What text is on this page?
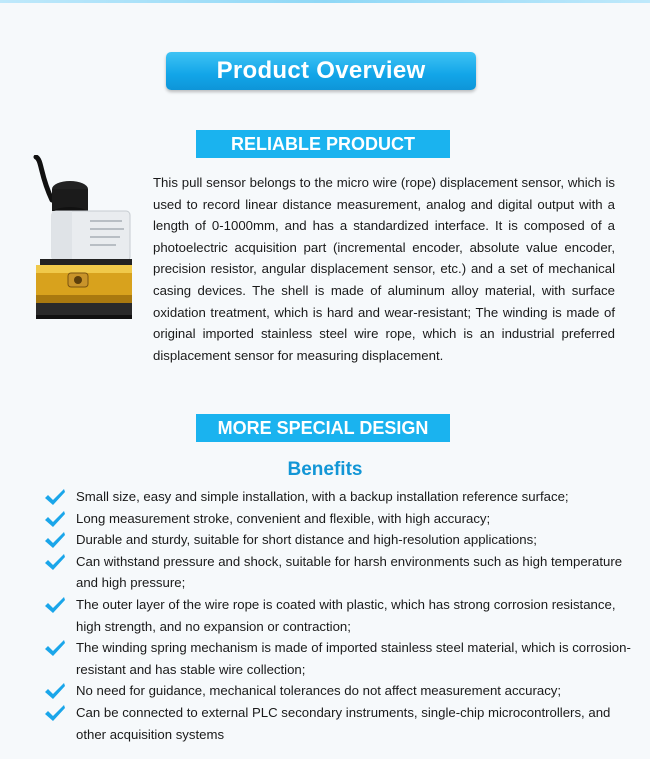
Product Overview
RELIABLE PRODUCT

This pull sensor belongs to the micro wire (rope) displacement sensor, which is used to record linear distance measurement, analog and digital output with a length of 0-1000mm, and has a standardized interface. It is composed of a photoelectric acquisition part (incremental encoder, absolute value encoder, precision resistor, angular displacement sensor, etc.) and a set of mechanical casing devices. The shell is made of aluminum alloy material, with surface oxidation treatment, which is hard and wear-resistant; The winding is made of original imported stainless steel wire rope, which is an industrial preferred displacement sensor for measuring displacement.

MORE SPECIAL DESIGN
Benefits
Small size, easy and simple installation, with a backup installation reference surface;
Long measurement stroke, convenient and flexible, with high accuracy;
Durable and sturdy, suitable for short distance and high-resolution applications;
Can withstand pressure and shock, suitable for harsh environments such as high temperature and high pressure;
The outer layer of the wire rope is coated with plastic, which has strong corrosion resistance, high strength, and no expansion or contraction;
The winding spring mechanism is made of imported stainless steel material, which is corrosion-resistant and has stable wire collection;
No need for guidance, mechanical tolerances do not affect measurement accuracy;
Can be connected to external PLC secondary instruments, single-chip microcontrollers, and other acquisition systems
